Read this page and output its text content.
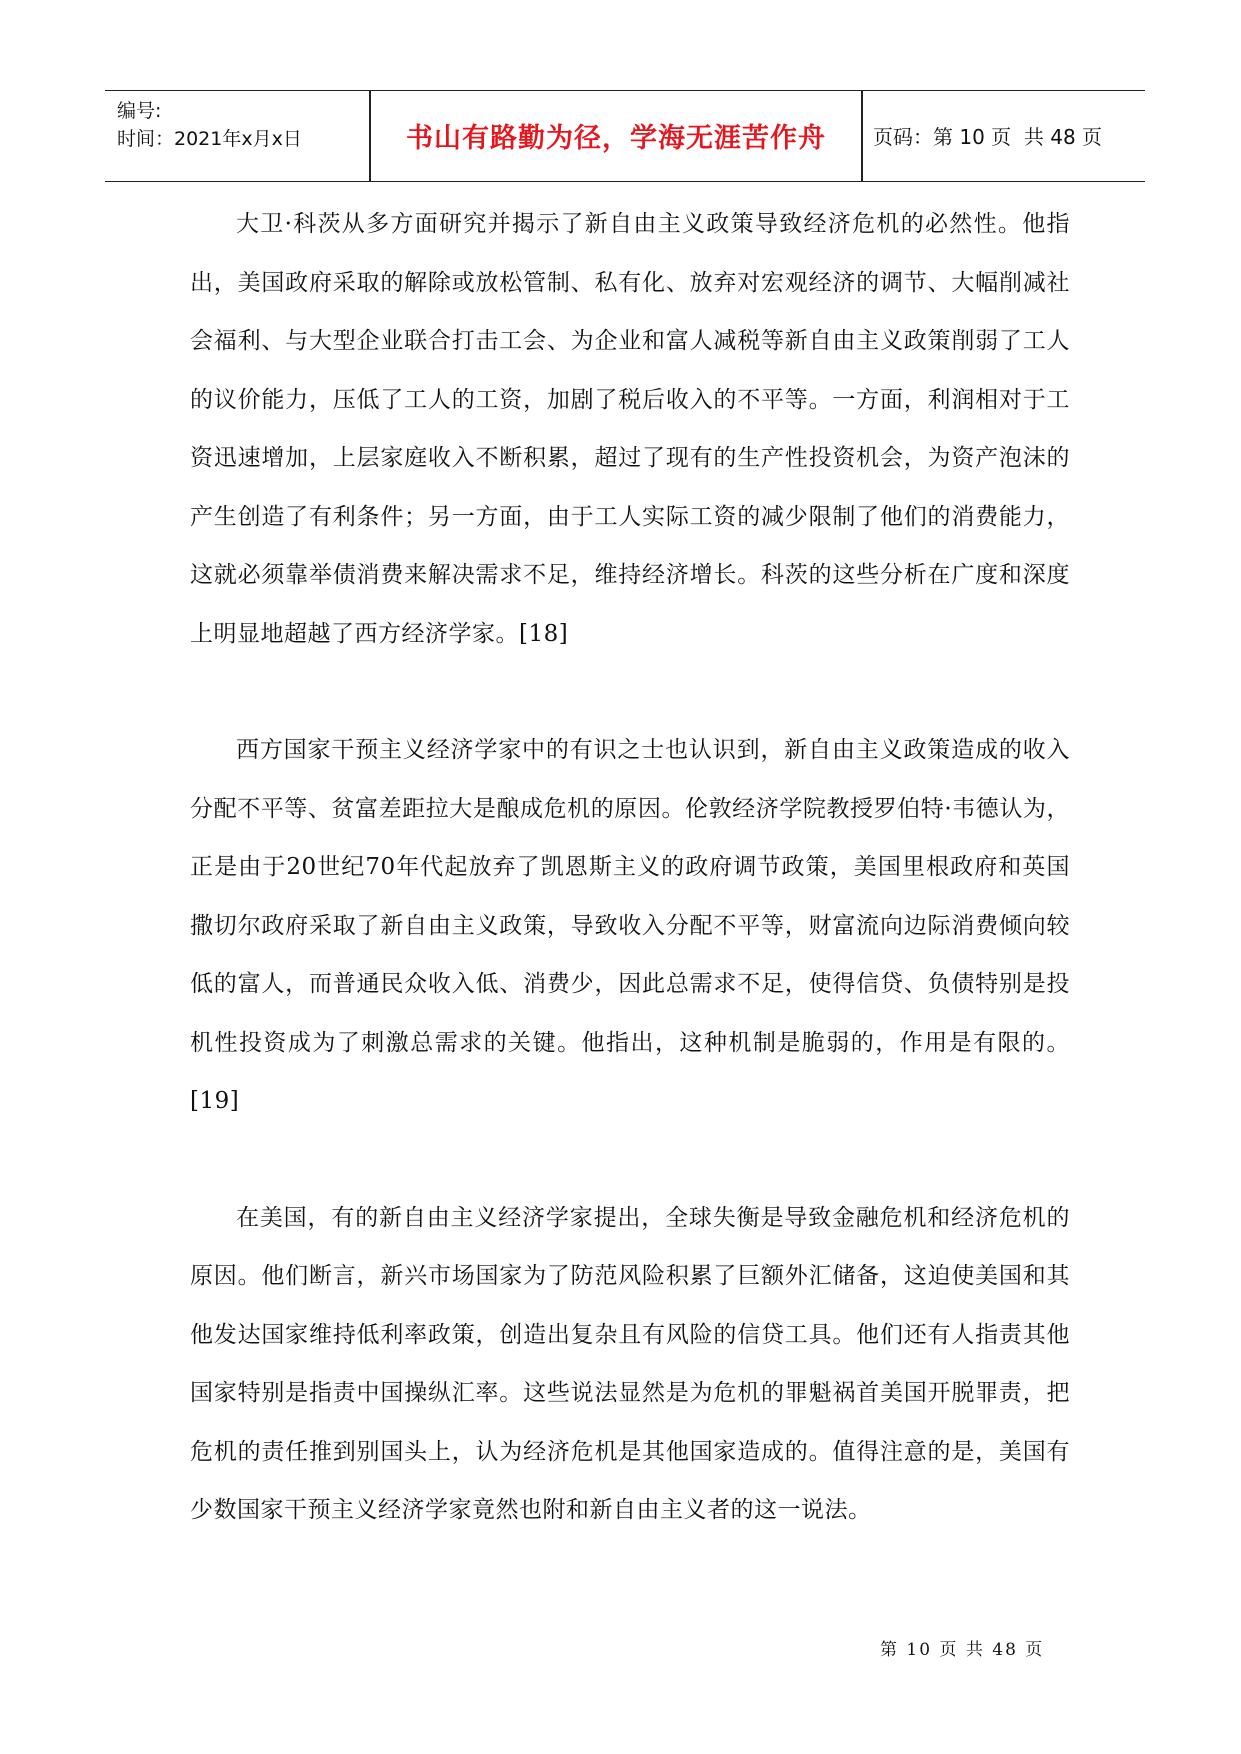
编号:
时间：2021年x月x日	书山有路勤为径，学海无涯苦作舟	页码：第 10 页  共 48 页

大卫·科茨从多方面研究并揭示了新自由主义政策导致经济危机的必然性。他指出，美国政府采取的解除或放松管制、私有化、放弃对宏观经济的调节、大幅削减社会福利、与大型企业联合打击工会、为企业和富人减税等新自由主义政策削弱了工人的议价能力，压低了工人的工资，加剧了税后收入的不平等。一方面，利润相对于工资迅速增加，上层家庭收入不断积累，超过了现有的生产性投资机会，为资产泡沫的产生创造了有利条件；另一方面，由于工人实际工资的减少限制了他们的消费能力，这就必须靠举债消费来解决需求不足，维持经济增长。科茨的这些分析在广度和深度上明显地超越了西方经济学家。[18]

西方国家干预主义经济学家中的有识之士也认识到，新自由主义政策造成的收入分配不平等、贫富差距拉大是酿成危机的原因。伦敦经济学院教授罗伯特·韦德认为，正是由于20世纪70年代起放弃了凯恩斯主义的政府调节政策，美国里根政府和英国撒切尔政府采取了新自由主义政策，导致收入分配不平等，财富流向边际消费倾向较低的富人，而普通民众收入低、消费少，因此总需求不足，使得信贷、负债特别是投机性投资成为了刺激总需求的关键。他指出，这种机制是脆弱的，作用是有限的。[19]

在美国，有的新自由主义经济学家提出，全球失衡是导致金融危机和经济危机的原因。他们断言，新兴市场国家为了防范风险积累了巨额外汇储备，这迫使美国和其他发达国家维持低利率政策，创造出复杂且有风险的信贷工具。他们还有人指责其他国家特别是指责中国操纵汇率。这些说法显然是为危机的罪魁祸首美国开脱罪责，把危机的责任推到别国头上，认为经济危机是其他国家造成的。值得注意的是，美国有少数国家干预主义经济学家竟然也附和新自由主义者的这一说法。

第 10 页 共 48 页
